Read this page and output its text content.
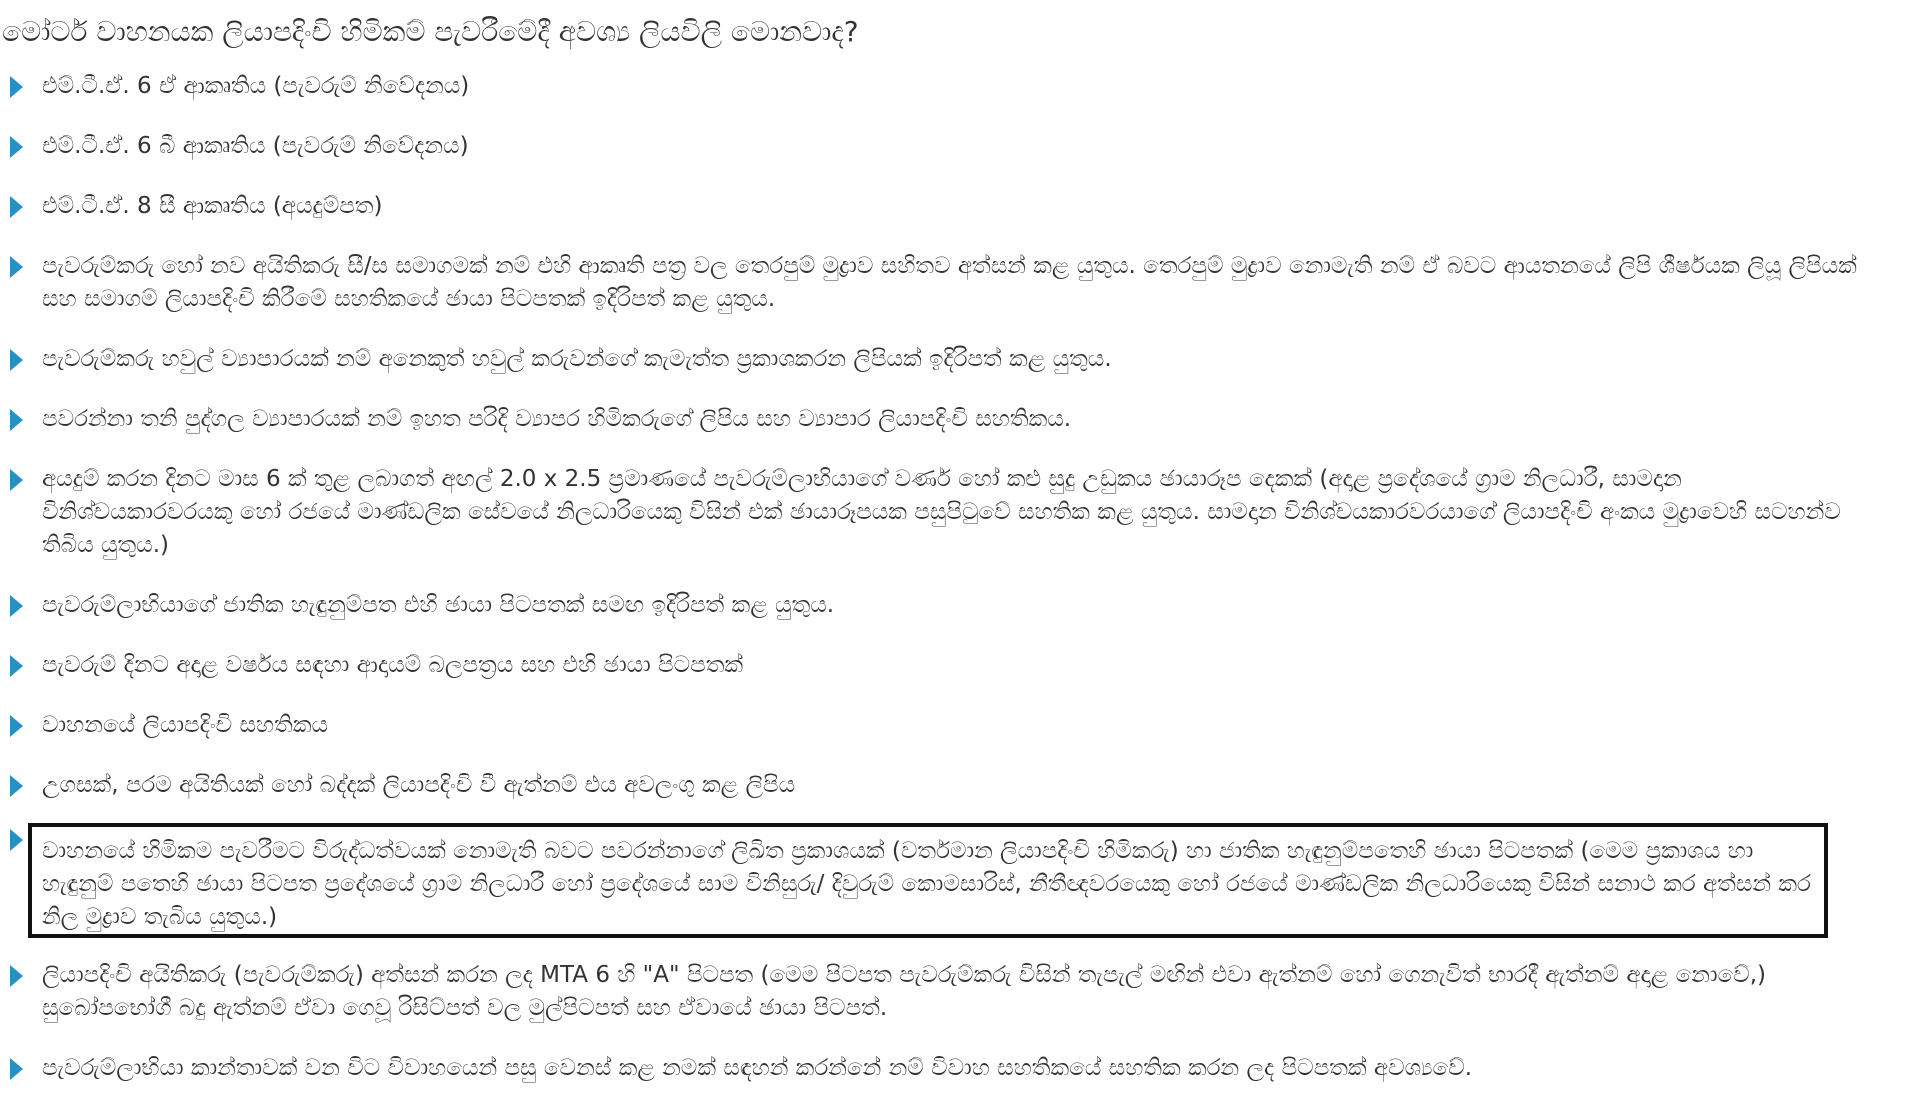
මෝටර් වාහනයක ලියාපදිංචි හිමිකම් පැවරීමේදී අවශ්‍ය ලියවිලි මොනවාද?
එම්.ටී.ඒ. 6 ඒ ආකෘතිය (පැවරුම් නිවේදනය)
එම්.ටී.ඒ. 6 බී ආකෘතිය (පැවරුම් නිවේදනය)
එම්.ටී.ඒ. 8 සී ආකෘතිය (අයදුම්පත)
පැවරුම්කරු හෝ නව අයිතිකරු සී/ස සමාගමක් නම් එහි ආකෘති පත්‍ර වල තෙරපුම් මුද්‍රාව සහිතව අත්සන් කළ යුතුය. තෙරපුම් මුද්‍රාව නොමැති නම් ඒ බවට ආයතනයේ ලිපි ශීර්ෂයක ලියූ ලිපියක් සහ සමාගම් ලියාපදිංචි කිරීමේ සහතිකයේ ඡායා පිටපතක් ඉදිරිපත් කළ යුතුය.
පැවරුම්කරු හවුල් ව්‍යාපාරයක් නම් අනෙකුත් හවුල් කරුවන්ගේ කැමැත්ත ප්‍රකාශකරන ලිපියක් ඉදිරිපත් කළ යුතුය.
පවරන්නා තනි පුද්ගල ව්‍යාපාරයක් නම් ඉහත පරිදි ව්‍යාපර හිමිකරුගේ ලිපිය සහ ව්‍යාපාර ලියාපදිංචි සහතිකය.
අයදුම් කරන දිනට මාස 6 ක් තුළ ලබාගත් අඟල් 2.0 x 2.5 ප්‍රමාණයේ පැවරුම්ලාභියාගේ වර්ණ හෝ කළු සුදු උඩුකය ඡායාරූප දෙකක් (අදාළ ප්‍රදේශයේ ග්‍රාම නිලධාරී, සාමදාන විනිශ්චයකාරවරයකු හෝ රජයේ මාණ්ඩලික සේවයේ නිලධාරියෙකු විසින් එක් ඡායාරූපයක පසුපිටුවේ සහතික කළ යුතුය. සාමදාන විනිශ්චයකාරවරයාගේ ලියාපදිංචි අංකය මුද්‍රාවෙහි සටහන්ව තිබිය යුතුය.)
පැවරුම්ලාභියාගේ ජාතික හැඳුනුම්පත එහි ඡායා පිටපතක් සමඟ ඉදිරිපත් කළ යුතුය.
පැවරුම් දිනට අදාළ වර්ෂය සඳහා ආදායම් බලපත්‍රය සහ එහි ඡායා පිටපතක්
වාහනයේ ලියාපදිංචි සහතිකය
උගසක්, පරම අයිතියක් හෝ බද්දක් ලියාපදිංචි වී ඇත්නම් එය අවලංගු කළ ලිපිය
වාහනයේ හිමිකම පැවරීමට විරුද්ධත්වයක් නොමැති බවට පවරන්නාගේ ලිඛිත ප්‍රකාශයක් (වර්තමාන ලියාපදිංචි හිමිකරු) හා ජාතික හැඳුනුම්පතෙහි ඡායා පිටපතක් (මෙම ප්‍රකාශය හා හැඳුනුම් පතෙහි ඡායා පිටපත ප්‍රදේශයේ ග්‍රාම නිලධාරී හෝ ප්‍රදේශයේ සාම විනිසුරු/ දිවුරුම් කොමසාරිස්, නීතීඥවරයෙකු හෝ රජයේ මාණ්ඩලික නිලධාරියෙකු විසින් සනාථ කර අත්සන් කර නිල මුද්‍රාව තැබිය යුතුය.)
ලියාපදිංචි අයිතිකරු (පැවරුම්කරු) අත්සන් කරන ලද MTA 6 හි "A" පිටපත (මෙම පිටපත පැවරුම්කරු විසින් තැපැල් මඟින් එවා ඇත්නම් හෝ ගෙනැවිත් භාරදී ඇත්නම් අදාළ නොවේ,) සුබෝපභෝගී බදු ඇත්නම් ඒවා ගෙවූ රිසිට්පත් වල මුල්පිටපත් සහ ඒවායේ ඡායා පිටපත්.
පැවරුම්ලාභියා කාන්තාවක් වන විට විවාහයෙන් පසු වෙනස් කළ නමක් සඳහන් කරන්නේ නම් විවාහ සහතිකයේ සහතික කරන ලද පිටපතක් අවශ්‍යවේ.
